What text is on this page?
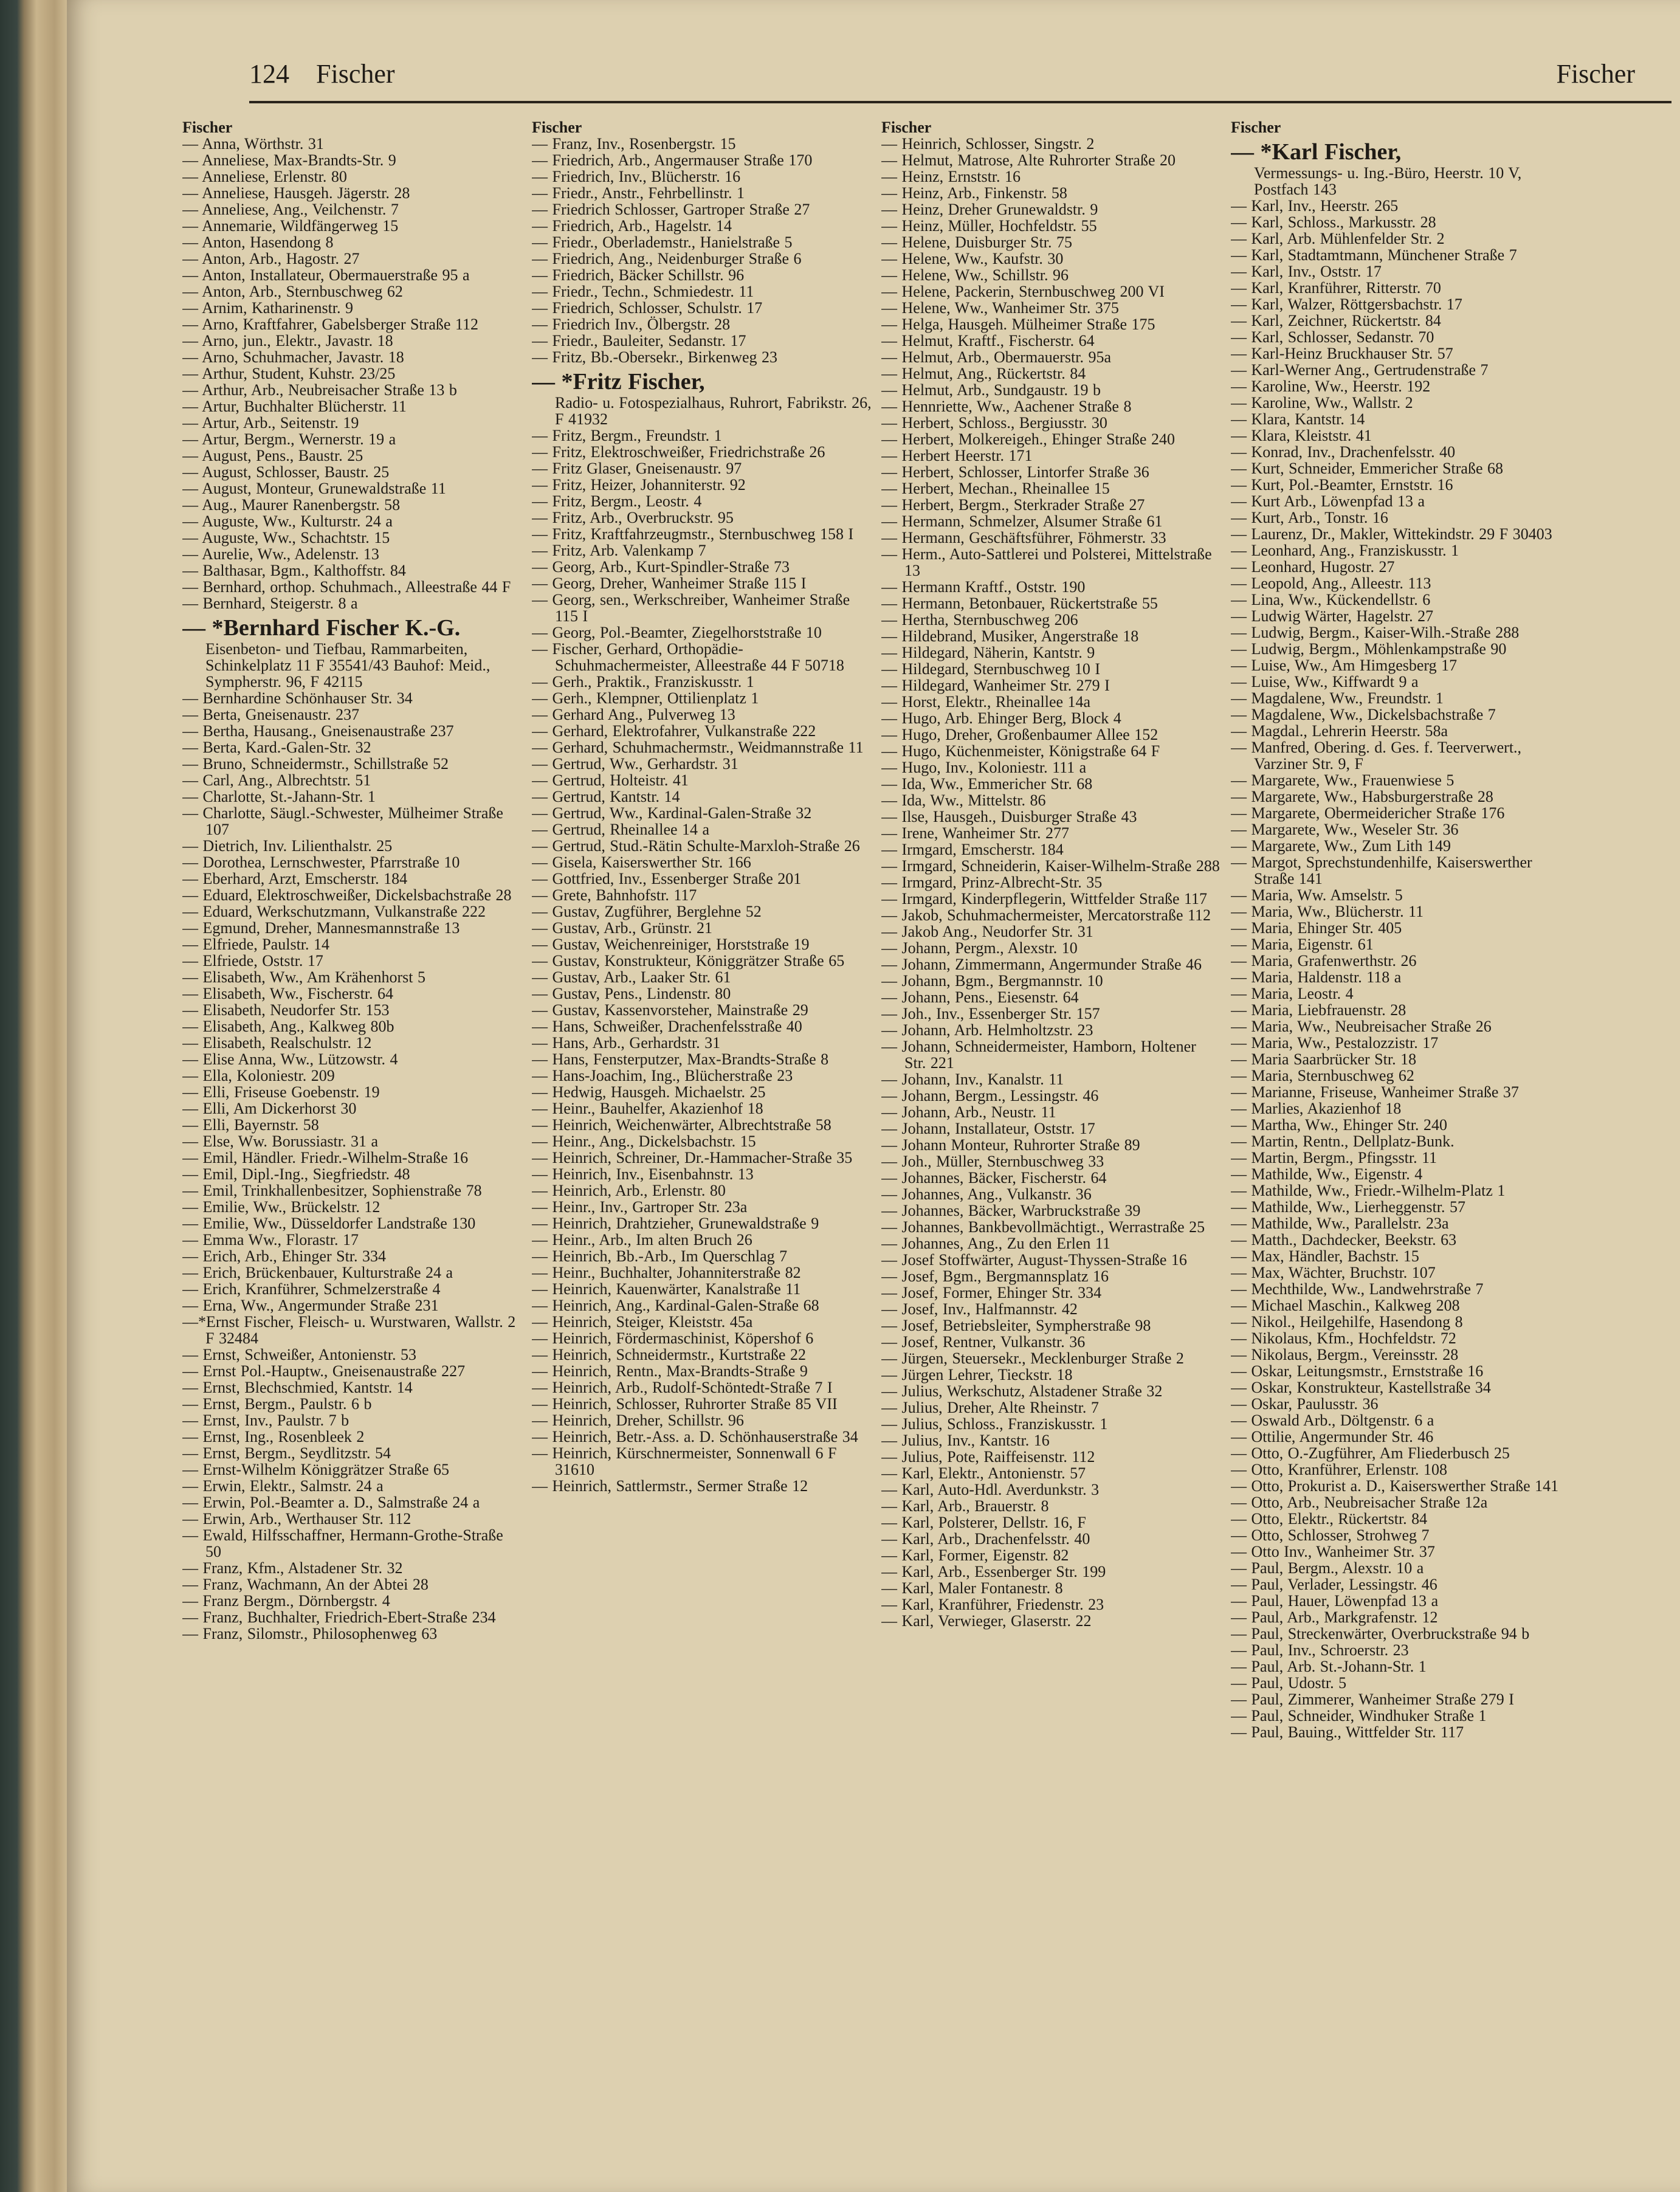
124 Fischer	Fischer
Fischer
— Anna, Wörthstr. 31
— Anneliese, Max-Brandts-Str. 9
— Anneliese, Erlenstr. 80
— Anneliese, Hausgeh. Jägerstr. 28
— Anneliese, Ang., Veilchenstr. 7
— Annemarie, Wildfängerweg 15
— Anton, Hasendong 8
— Anton, Arb., Hagostr. 27
— Anton, Installateur, Obermauerstraße 95 a
— Anton, Arb., Sternbuschweg 62
— Arnim, Katharinenstr. 9
— Arno, Kraftfahrer, Gabelsberger Straße 112
— Arno, jun., Elektr., Javastr. 18
— Arno, Schuhmacher, Javastr. 18
— Arthur, Student, Kuhstr. 23/25
— Arthur, Arb., Neubreisacher Straße 13 b
— Artur, Buchhalter Blücherstr. 11
— Artur, Arb., Seitenstr. 19
— Artur, Bergm., Wernerstr. 19 a
— August, Pens., Baustr. 25
— August, Schlosser, Baustr. 25
— August, Monteur, Grunewaldstraße 11
— Aug., Maurer Ranenbergstr. 58
— Auguste, Ww., Kulturstr. 24 a
— Auguste, Ww., Schachtstr. 15
— Aurelie, Ww., Adelenstr. 13
— Balthasar, Bgm., Kalthoffstr. 84
— Bernhard, orthop. Schuhmach., Alleestraße 44 F
— Bernhard, Steigerstr. 8 a
— *Bernhard Fischer K.-G.
Eisenbeton- und Tiefbau, Rammarbeiten, Schinkelplatz 11 F 35541/43 Bauhof: Meid., Sympherstr. 96, F 42115
— Bernhardine Schönhauser Str. 34
— Berta, Gneisenaustr. 237
— Bertha, Hausang., Gneisenaustraße 237
— Berta, Kard.-Galen-Str. 32
— Bruno, Schneidermstr., Schillstraße 52
— Carl, Ang., Albrechtstr. 51
— Charlotte, St.-Jahann-Str. 1
— Charlotte, Säugl.-Schwester, Mülheimer Straße 107
— Dietrich, Inv. Lilienthalstr. 25
— Dorothea, Lernschwester, Pfarrstraße 10
— Eberhard, Arzt, Emscherstr. 184
— Eduard, Elektroschweißer, Dickelsbachstraße 28
— Eduard, Werkschutzmann, Vulkanstraße 222
— Egmund, Dreher, Mannesmannstraße 13
— Elfriede, Paulstr. 14
— Elfriede, Oststr. 17
— Elisabeth, Ww., Am Krähenhorst 5
— Elisabeth, Ww., Fischerstr. 64
— Elisabeth, Neudorfer Str. 153
— Elisabeth, Ang., Kalkweg 80b
— Elisabeth, Realschulstr. 12
— Elise Anna, Ww., Lützowstr. 4
— Ella, Koloniestr. 209
— Elli, Friseuse Goebenstr. 19
— Elli, Am Dickerhorst 30
— Elli, Bayernstr. 58
— Else, Ww. Borussiastr. 31 a
— Emil, Händler. Friedr.-Wilhelm-Straße 16
— Emil, Dipl.-Ing., Siegfriedstr. 48
— Emil, Trinkhallenbesitzer, Sophienstraße 78
— Emilie, Ww., Brückelstr. 12
— Emilie, Ww., Düsseldorfer Landstraße 130
— Emma Ww., Florastr. 17
— Erich, Arb., Ehinger Str. 334
— Erich, Brückenbauer, Kulturstraße 24 a
— Erich, Kranführer, Schmelzerstraße 4
— Erna, Ww., Angermunder Straße 231
—*Ernst Fischer, Fleisch- u. Wurstwaren, Wallstr. 2 F 32484
— Ernst, Schweißer, Antonienstr. 53
— Ernst Pol.-Hauptw., Gneisenaustraße 227
— Ernst, Blechschmied, Kantstr. 14
— Ernst, Bergm., Paulstr. 6 b
— Ernst, Inv., Paulstr. 7 b
— Ernst, Ing., Rosenbleek 2
— Ernst, Bergm., Seydlitzstr. 54
— Ernst-Wilhelm Königgrätzer Straße 65
— Erwin, Elektr., Salmstr. 24 a
— Erwin, Pol.-Beamter a. D., Salmstraße 24 a
— Erwin, Arb., Werthauser Str. 112
— Ewald, Hilfsschaffner, Hermann-Grothe-Straße 50
— Franz, Kfm., Alstadener Str. 32
— Franz, Wachmann, An der Abtei 28
— Franz Bergm., Dörnbergstr. 4
— Franz, Buchhalter, Friedrich-Ebert-Straße 234
— Franz, Silomstr., Philosophenweg 63
Fischer
— Franz, Inv., Rosenbergstr. 15
— Friedrich, Arb., Angermauser Straße 170
— Friedrich, Inv., Blücherstr. 16
— Friedr., Anstr., Fehrbellinstr. 1
— Friedrich Schlosser, Gartroper Straße 27
— Friedrich, Arb., Hagelstr. 14
— Friedr., Oberlademstr., Hanielstraße 5
— Friedrich, Ang., Neidenburger Straße 6
— Friedrich, Bäcker Schillstr. 96
— Friedr., Techn., Schmiedestr. 11
— Friedrich, Schlosser, Schulstr. 17
— Friedrich Inv., Ölbergstr. 28
— Friedr., Bauleiter, Sedanstr. 17
— Fritz, Bb.-Obersekr., Birkenweg 23
— *Fritz Fischer,
Radio- u. Fotospezialhaus, Ruhrort, Fabrikstr. 26, F 41932
— Fritz, Bergm., Freundstr. 1
— Fritz, Elektroschweißer, Friedrichstraße 26
— Fritz Glaser, Gneisenaustr. 97
— Fritz, Heizer, Johanniterstr. 92
— Fritz, Bergm., Leostr. 4
— Fritz, Arb., Overbruckstr. 95
— Fritz, Kraftfahrzeugmstr., Sternbuschweg 158 I
— Fritz, Arb. Valenkamp 7
— Georg, Arb., Kurt-Spindler-Straße 73
— Georg, Dreher, Wanheimer Straße 115 I
— Georg, sen., Werkschreiber, Wanheimer Straße 115 I
— Georg, Pol.-Beamter, Ziegelhorststraße 10
— Fischer, Gerhard, Orthopädie-Schuhmachermeister, Alleestraße 44 F 50718
— Gerh., Praktik., Franziskusstr. 1
— Gerh., Klempner, Ottilienplatz 1
— Gerhard Ang., Pulverweg 13
— Gerhard, Elektrofahrer, Vulkanstraße 222
— Gerhard, Schuhmachermstr., Weidmannstraße 11
— Gertrud, Ww., Gerhardstr. 31
— Gertrud, Holteistr. 41
— Gertrud, Kantstr. 14
— Gertrud, Ww., Kardinal-Galen-Straße 32
— Gertrud, Rheinallee 14 a
— Gertrud, Stud.-Rätin Schulte-Marxloh-Straße 26
— Gisela, Kaiserswerther Str. 166
— Gottfried, Inv., Essenberger Straße 201
— Grete, Bahnhofstr. 117
— Gustav, Zugführer, Berglehne 52
— Gustav, Arb., Grünstr. 21
— Gustav, Weichenreiniger, Horststraße 19
— Gustav, Konstrukteur, Königgrätzer Straße 65
— Gustav, Arb., Laaker Str. 61
— Gustav, Pens., Lindenstr. 80
— Gustav, Kassenvorsteher, Mainstraße 29
— Hans, Schweißer, Drachenfelsstraße 40
— Hans, Arb., Gerhardstr. 31
— Hans, Fensterputzer, Max-Brandts-Straße 8
— Hans-Joachim, Ing., Blücherstraße 23
— Hedwig, Hausgeh. Michaelstr. 25
— Heinr., Bauhelfer, Akazienhof 18
— Heinrich, Weichenwärter, Albrechtstraße 58
— Heinr., Ang., Dickelsbachstr. 15
— Heinrich, Schreiner, Dr.-Hammacher-Straße 35
— Heinrich, Inv., Eisenbahnstr. 13
— Heinrich, Arb., Erlenstr. 80
— Heinr., Inv., Gartroper Str. 23a
— Heinrich, Drahtzieher, Grunewaldstraße 9
— Heinr., Arb., Im alten Bruch 26
— Heinrich, Bb.-Arb., Im Querschlag 7
— Heinr., Buchhalter, Johanniterstraße 82
— Heinrich, Kauenwärter, Kanalstraße 11
— Heinrich, Ang., Kardinal-Galen-Straße 68
— Heinrich, Steiger, Kleiststr. 45a
— Heinrich, Fördermaschinist, Köpershof 6
— Heinrich, Schneidermstr., Kurtstraße 22
— Heinrich, Rentn., Max-Brandts-Straße 9
— Heinrich, Arb., Rudolf-Schöntedt-Straße 7 I
— Heinrich, Schlosser, Ruhrorter Straße 85 VII
— Heinrich, Dreher, Schillstr. 96
— Heinrich, Betr.-Ass. a. D. Schönhauserstraße 34
— Heinrich, Kürschnermeister, Sonnenwall 6 F 31610
— Heinrich, Sattlermstr., Sermer Straße 12
Fischer
— Heinrich, Schlosser, Singstr. 2
— Helmut, Matrose, Alte Ruhrorter Straße 20
— Heinz, Ernststr. 16
— Heinz, Arb., Finkenstr. 58
— Heinz, Dreher Grunewaldstr. 9
— Heinz, Müller, Hochfeldstr. 55
— Helene, Duisburger Str. 75
— Helene, Ww., Kaufstr. 30
— Helene, Ww., Schillstr. 96
— Helene, Packerin, Sternbuschweg 200 VI
— Helene, Ww., Wanheimer Str. 375
— Helga, Hausgeh. Mülheimer Straße 175
— Helmut, Kraftf., Fischerstr. 64
— Helmut, Arb., Obermauerstr. 95a
— Helmut, Ang., Rückertstr. 84
— Helmut, Arb., Sundgaustr. 19 b
— Hennriette, Ww., Aachener Straße 8
— Herbert, Schloss., Bergiusstr. 30
— Herbert, Molkereigeh., Ehinger Straße 240
— Herbert Heerstr. 171
— Herbert, Schlosser, Lintorfer Straße 36
— Herbert, Mechan., Rheinallee 15
— Herbert, Bergm., Sterkrader Straße 27
— Hermann, Schmelzer, Alsumer Straße 61
— Hermann, Geschäftsführer, Föhmerstr. 33
— Herm., Auto-Sattlerei und Polsterei, Mittelstraße 13
— Hermann Kraftf., Oststr. 190
— Hermann, Betonbauer, Rückertstraße 55
— Hertha, Sternbuschweg 206
— Hildebrand, Musiker, Angerstraße 18
— Hildegard, Näherin, Kantstr. 9
— Hildegard, Sternbuschweg 10 I
— Hildegard, Wanheimer Str. 279 I
— Horst, Elektr., Rheinallee 14a
— Hugo, Arb. Ehinger Berg, Block 4
— Hugo, Dreher, Großenbaumer Allee 152
— Hugo, Küchenmeister, Königstraße 64 F
— Hugo, Inv., Koloniestr. 111 a
— Ida, Ww., Emmericher Str. 68
— Ida, Ww., Mittelstr. 86
— Ilse, Hausgeh., Duisburger Straße 43
— Irene, Wanheimer Str. 277
— Irmgard, Emscherstr. 184
— Irmgard, Schneiderin, Kaiser-Wilhelm-Straße 288
— Irmgard, Prinz-Albrecht-Str. 35
— Irmgard, Kinderpflegerin, Wittfelder Straße 117
— Jakob, Schuhmachermeister, Mercatorstraße 112
— Jakob Ang., Neudorfer Str. 31
— Johann, Pergm., Alexstr. 10
— Johann, Zimmermann, Angermunder Straße 46
— Johann, Bgm., Bergmannstr. 10
— Johann, Pens., Eiesenstr. 64
— Joh., Inv., Essenberger Str. 157
— Johann, Arb. Helmholtzstr. 23
— Johann, Schneidermeister, Hamborn, Holtener Str. 221
— Johann, Inv., Kanalstr. 11
— Johann, Bergm., Lessingstr. 46
— Johann, Arb., Neustr. 11
— Johann, Installateur, Oststr. 17
— Johann Monteur, Ruhrorter Straße 89
— Joh., Müller, Sternbuschweg 33
— Johannes, Bäcker, Fischerstr. 64
— Johannes, Ang., Vulkanstr. 36
— Johannes, Bäcker, Warbruckstraße 39
— Johannes, Bankbevollmächtigt., Werrastraße 25
— Johannes, Ang., Zu den Erlen 11
— Josef Stoffwärter, August-Thyssen-Straße 16
— Josef, Bgm., Bergmannsplatz 16
— Josef, Former, Ehinger Str. 334
— Josef, Inv., Halfmannstr. 42
— Josef, Betriebsleiter, Sympherstraße 98
— Josef, Rentner, Vulkanstr. 36
— Jürgen, Steuersekr., Mecklenburger Straße 2
— Jürgen Lehrer, Tieckstr. 18
— Julius, Werkschutz, Alstadener Straße 32
— Julius, Dreher, Alte Rheinstr. 7
— Julius, Schloss., Franziskusstr. 1
— Julius, Inv., Kantstr. 16
— Julius, Pote, Raiffeisenstr. 112
— Karl, Elektr., Antonienstr. 57
— Karl, Auto-Hdl. Averdunkstr. 3
— Karl, Arb., Brauerstr. 8
— Karl, Polsterer, Dellstr. 16, F
— Karl, Arb., Drachenfelsstr. 40
— Karl, Former, Eigenstr. 82
— Karl, Arb., Essenberger Str. 199
— Karl, Maler Fontanestr. 8
— Karl, Kranführer, Friedenstr. 23
— Karl, Verwieger, Glaserstr. 22
Fischer
— *Karl Fischer,
Vermessungs- u. Ing.-Büro, Heerstr. 10 V, Postfach 143
— Karl, Inv., Heerstr. 265
— Karl, Schloss., Markusstr. 28
— Karl, Arb. Mühlenfelder Str. 2
— Karl, Stadtamtmann, Münchener Straße 7
— Karl, Inv., Oststr. 17
— Karl, Kranführer, Ritterstr. 70
— Karl, Walzer, Röttgersbachstr. 17
— Karl, Zeichner, Rückertstr. 84
— Karl, Schlosser, Sedanstr. 70
— Karl-Heinz Bruckhauser Str. 57
— Karl-Werner Ang., Gertrudenstraße 7
— Karoline, Ww., Heerstr. 192
— Karoline, Ww., Wallstr. 2
— Klara, Kantstr. 14
— Klara, Kleiststr. 41
— Konrad, Inv., Drachenfelsstr. 40
— Kurt, Schneider, Emmericher Straße 68
— Kurt, Pol.-Beamter, Ernststr. 16
— Kurt Arb., Löwenpfad 13 a
— Kurt, Arb., Tonstr. 16
— Laurenz, Dr., Makler, Wittekindstr. 29 F 30403
— Leonhard, Ang., Franziskusstr. 1
— Leonhard, Hugostr. 27
— Leopold, Ang., Alleestr. 113
— Lina, Ww., Kückendellstr. 6
— Ludwig Wärter, Hagelstr. 27
— Ludwig, Bergm., Kaiser-Wilh.-Straße 288
— Ludwig, Bergm., Möhlenkampstraße 90
— Luise, Ww., Am Himgesberg 17
— Luise, Ww., Kiffwardt 9 a
— Magdalene, Ww., Freundstr. 1
— Magdalene, Ww., Dickelsbachstraße 7
— Magdal., Lehrerin Heerstr. 58a
— Manfred, Obering. d. Ges. f. Teerverwert., Varziner Str. 9, F
— Margarete, Ww., Frauenwiese 5
— Margarete, Ww., Habsburgerstraße 28
— Margarete, Obermeidericher Straße 176
— Margarete, Ww., Weseler Str. 36
— Margarete, Ww., Zum Lith 149
— Margot, Sprechstundenhilfe, Kaiserswerther Straße 141
— Maria, Ww. Amselstr. 5
— Maria, Ww., Blücherstr. 11
— Maria, Ehinger Str. 405
— Maria, Eigenstr. 61
— Maria, Grafenwerthstr. 26
— Maria, Haldenstr. 118 a
— Maria, Leostr. 4
— Maria, Liebfrauenstr. 28
— Maria, Ww., Neubreisacher Straße 26
— Maria, Ww., Pestalozzistr. 17
— Maria Saarbrücker Str. 18
— Maria, Sternbuschweg 62
— Marianne, Friseuse, Wanheimer Straße 37
— Marlies, Akazienhof 18
— Martha, Ww., Ehinger Str. 240
— Martin, Rentn., Dellplatz-Bunk.
— Martin, Bergm., Pfingsstr. 11
— Mathilde, Ww., Eigenstr. 4
— Mathilde, Ww., Friedr.-Wilhelm-Platz 1
— Mathilde, Ww., Lierheggenstr. 57
— Mathilde, Ww., Parallelstr. 23a
— Matth., Dachdecker, Beekstr. 63
— Max, Händler, Bachstr. 15
— Max, Wächter, Bruchstr. 107
— Mechthilde, Ww., Landwehrstraße 7
— Michael Maschin., Kalkweg 208
— Nikol., Heilgehilfe, Hasendong 8
— Nikolaus, Kfm., Hochfeldstr. 72
— Nikolaus, Bergm., Vereinsstr. 28
— Oskar, Leitungsmstr., Ernststraße 16
— Oskar, Konstrukteur, Kastellstraße 34
— Oskar, Paulusstr. 36
— Oswald Arb., Döltgenstr. 6 a
— Ottilie, Angermunder Str. 46
— Otto, O.-Zugführer, Am Fliederbusch 25
— Otto, Kranführer, Erlenstr. 108
— Otto, Prokurist a. D., Kaiserswerther Straße 141
— Otto, Arb., Neubreisacher Straße 12a
— Otto, Elektr., Rückertstr. 84
— Otto, Schlosser, Strohweg 7
— Otto Inv., Wanheimer Str. 37
— Paul, Bergm., Alexstr. 10 a
— Paul, Verlader, Lessingstr. 46
— Paul, Hauer, Löwenpfad 13 a
— Paul, Arb., Markgrafenstr. 12
— Paul, Streckenwärter, Overbruckstraße 94 b
— Paul, Inv., Schroerstr. 23
— Paul, Arb. St.-Johann-Str. 1
— Paul, Udostr. 5
— Paul, Zimmerer, Wanheimer Straße 279 I
— Paul, Schneider, Windhuker Straße 1
— Paul, Bauing., Wittfelder Str. 117
